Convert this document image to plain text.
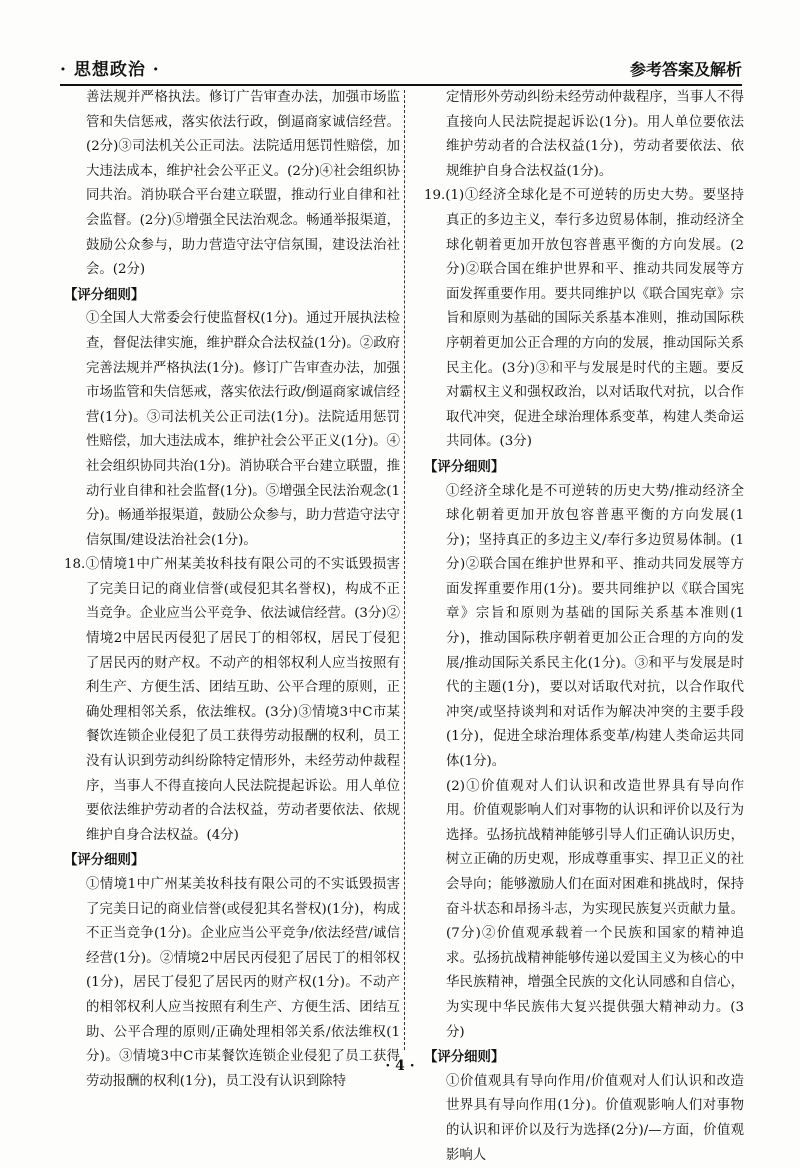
· 思想政治 ·	参考答案及解析

善法规并严格执法。修订广告审查办法，加强市场监管和失信惩戒，落实依法行政，倒逼商家诚信经营。(2分)③司法机关公正司法。法院适用惩罚性赔偿，加大违法成本，维护社会公平正义。(2分)④社会组织协同共治。消协联合平台建立联盟，推动行业自律和社会监督。(2分)⑤增强全民法治观念。畅通举报渠道，鼓励公众参与，助力营造守法守信氛围，建设法治社会。(2分)

【评分细则】

①全国人大常委会行使监督权(1分)。通过开展执法检查，督促法律实施，维护群众合法权益(1分)。②政府完善法规并严格执法(1分)。修订广告审查办法，加强市场监管和失信惩戒，落实依法行政/倒逼商家诚信经营(1分)。③司法机关公正司法(1分)。法院适用惩罚性赔偿，加大违法成本，维护社会公平正义(1分)。④社会组织协同共治(1分)。消协联合平台建立联盟，推动行业自律和社会监督(1分)。⑤增强全民法治观念(1分)。畅通举报渠道，鼓励公众参与，助力营造守法守信氛围/建设法治社会(1分)。

18.①情境1中广州某美妆科技有限公司的不实诋毁损害了完美日记的商业信誉(或侵犯其名誉权)，构成不正当竞争。企业应当公平竞争、依法诚信经营。(3分)②情境2中居民丙侵犯了居民丁的相邻权，居民丁侵犯了居民丙的财产权。不动产的相邻权利人应当按照有利生产、方便生活、团结互助、公平合理的原则，正确处理相邻关系，依法维权。(3分)③情境3中C市某餐饮连锁企业侵犯了员工获得劳动报酬的权利，员工没有认识到劳动纠纷除特定情形外，未经劳动仲裁程序，当事人不得直接向人民法院提起诉讼。用人单位要依法维护劳动者的合法权益，劳动者要依法、依规维护自身合法权益。(4分)

【评分细则】

①情境1中广州某美妆科技有限公司的不实诋毁损害了完美日记的商业信誉(或侵犯其名誉权)(1分)，构成不正当竞争(1分)。企业应当公平竞争/依法经营/诚信经营(1分)。②情境2中居民丙侵犯了居民丁的相邻权(1分)，居民丁侵犯了居民丙的财产权(1分)。不动产的相邻权利人应当按照有利生产、方便生活、团结互助、公平合理的原则/正确处理相邻关系/依法维权(1分)。③情境3中C市某餐饮连锁企业侵犯了员工获得劳动报酬的权利(1分)，员工没有认识到除特

定情形外劳动纠纷未经劳动仲裁程序，当事人不得直接向人民法院提起诉讼(1分)。用人单位要依法维护劳动者的合法权益(1分)，劳动者要依法、依规维护自身合法权益(1分)。

19.(1)①经济全球化是不可逆转的历史大势。要坚持真正的多边主义，奉行多边贸易体制，推动经济全球化朝着更加开放包容普惠平衡的方向发展。(2分)②联合国在维护世界和平、推动共同发展等方面发挥重要作用。要共同维护以《联合国宪章》宗旨和原则为基础的国际关系基本准则，推动国际秩序朝着更加公正合理的方向的发展，推动国际关系民主化。(3分)③和平与发展是时代的主题。要反对霸权主义和强权政治，以对话取代对抗，以合作取代冲突，促进全球治理体系变革，构建人类命运共同体。(3分)

【评分细则】

①经济全球化是不可逆转的历史大势/推动经济全球化朝着更加开放包容普惠平衡的方向发展(1分)；坚持真正的多边主义/奉行多边贸易体制。(1分)②联合国在维护世界和平、推动共同发展等方面发挥重要作用(1分)。要共同维护以《联合国宪章》宗旨和原则为基础的国际关系基本准则(1分)，推动国际秩序朝着更加公正合理的方向的发展/推动国际关系民主化(1分)。③和平与发展是时代的主题(1分)，要以对话取代对抗，以合作取代冲突/或坚持谈判和对话作为解决冲突的主要手段(1分)，促进全球治理体系变革/构建人类命运共同体(1分)。

(2)①价值观对人们认识和改造世界具有导向作用。价值观影响人们对事物的认识和评价以及行为选择。弘扬抗战精神能够引导人们正确认识历史，树立正确的历史观，形成尊重事实、捍卫正义的社会导向；能够激励人们在面对困难和挑战时，保持奋斗状态和昂扬斗志，为实现民族复兴贡献力量。(7分)②价值观承载着一个民族和国家的精神追求。弘扬抗战精神能够传递以爱国主义为核心的中华民族精神，增强全民族的文化认同感和自信心，为实现中华民族伟大复兴提供强大精神动力。(3分)

【评分细则】

①价值观具有导向作用/价值观对人们认识和改造世界具有导向作用(1分)。价值观影响人们对事物的认识和评价以及行为选择(2分)/—方面，价值观影响人

· 4 ·
